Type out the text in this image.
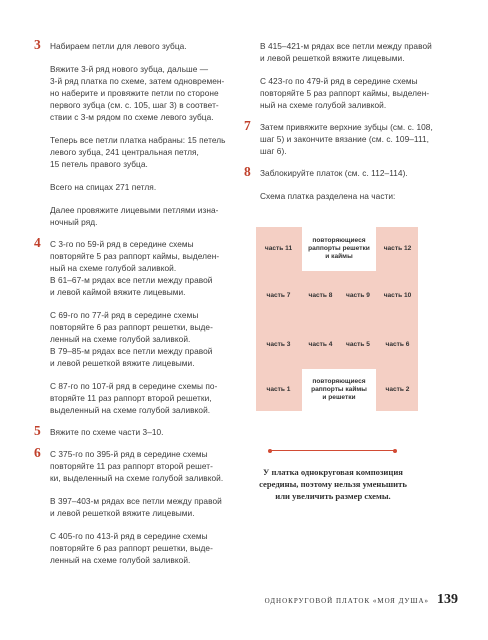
3 Набираем петли для левого зубца.

Вяжите 3-й ряд нового зубца, дальше —

3-й ряд платка по схеме, затем одновремен-

но наберите и провяжите петли по стороне

первого зубца (см. с. 105, шаг 3) в соответ-

ствии с 3-м рядом по схеме левого зубца.

Теперь все петли платка набраны: 15 петель

левого зубца, 241 центральная петля,

15 петель правого зубца.

Всего на спицах 271 петля.

Далее провяжите лицевыми петлями изна-

ночный ряд.

4 С 3-го по 59-й ряд в середине схемы

повторяйте 5 раз раппорт каймы, выделен-

ный на схеме голубой заливкой.

В 61–67-м рядах все петли между правой

и левой каймой вяжите лицевыми.

С 69-го по 77-й ряд в середине схемы

повторяйте 6 раз раппорт решетки, выде-

ленный на схеме голубой заливкой.

В 79–85-м рядах все петли между правой

и левой решеткой вяжите лицевыми.

С 87-го по 107-й ряд в середине схемы по-

вторяйте 11 раз раппорт второй решетки,

выделенный на схеме голубой заливкой.

5 Вяжите по схеме части 3–10.

6 С 375-го по 395-й ряд в середине схемы

повторяйте 11 раз раппорт второй решет-

ки, выделенный на схеме голубой заливкой.

В 397–403-м рядах все петли между правой

и левой решеткой вяжите лицевыми.

С 405-го по 413-й ряд в середине схемы

повторяйте 6 раз раппорт решетки, выде-

ленный на схеме голубой заливкой.

В 415–421-м рядах все петли между правой

и левой решеткой вяжите лицевыми.

С 423-го по 479-й ряд в середине схемы

повторяйте 5 раз раппорт каймы, выделен-

ный на схеме голубой заливкой.

7 Затем привяжите верхние зубцы (см. с. 108,

шаг 5) и закончите вязание (см. с. 109–111,

шаг 6).

8 Заблокируйте платок (см. с. 112–114).

Схема платка разделена на части:

часть 11
повторяющиеся
раппорты решетки
и каймы
часть 12
часть 7	часть 8 часть 9 часть 10
часть 3	часть 4 часть 5 часть 6
часть 1
повторяющиеся
раппорты каймы
и решетки
часть 2
У платка однокруговая композиция
середины, поэтому нельзя уменьшить
или увеличить размер схемы.
ОДНОКРУГОВОЙ ПЛАТОК «МОЯ ДУША» 139
